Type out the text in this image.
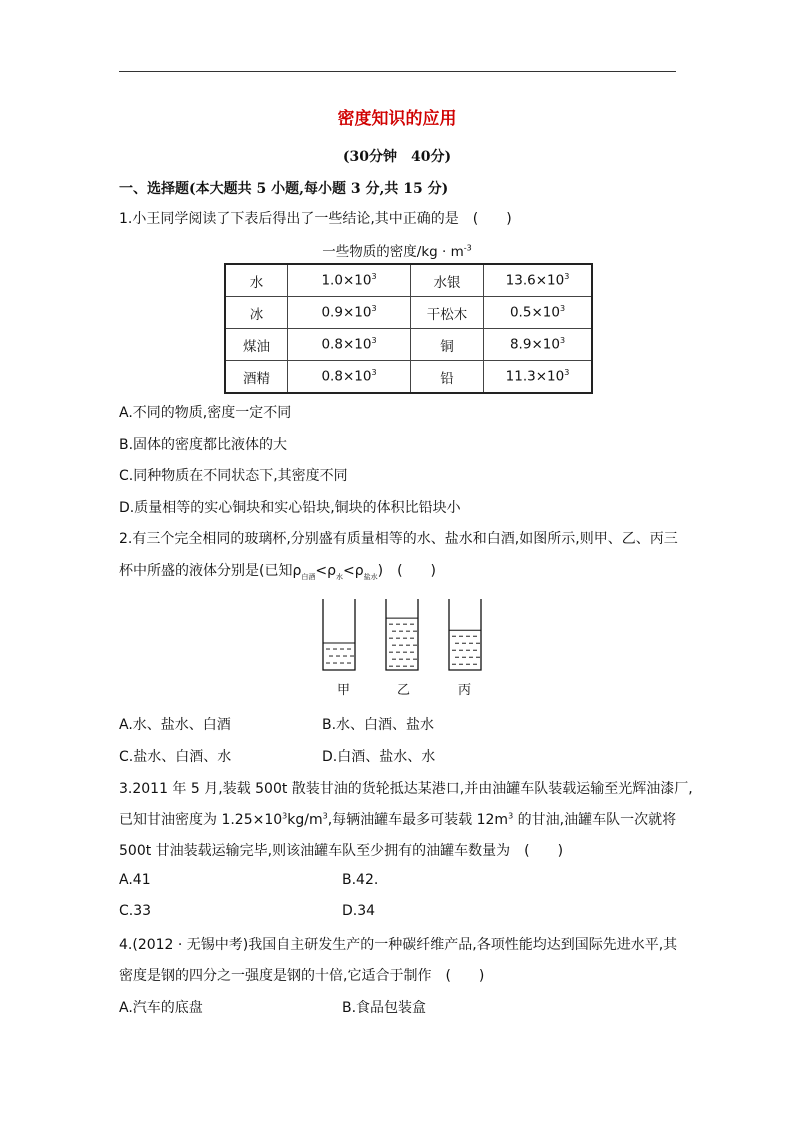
密度知识的应用
(30分钟　40分)
一、选择题(本大题共 5 小题,每小题 3 分,共 15 分)
1.小王同学阅读了下表后得出了一些结论,其中正确的是　(　　)
一些物质的密度$/kg \cdot m^{-3}$
水	$1.0\times 10^3$	水银	$13.6\times 10^3$
冰	$0.9\times 10^3$	干松木	$0.5\times 10^3$
煤油	$0.8\times 10^3$	铜	$8.9\times 10^3$
酒精	$0.8\times 10^3$	铅	$11.3\times 10^3$
A.不同的物质,密度一定不同
B.固体的密度都比液体的大
C.同种物质在不同状态下,其密度不同
D.质量相等的实心铜块和实心铅块,铜块的体积比铅块小
2.有三个完全相同的玻璃杯,分别盛有质量相等的水、盐水和白酒,如图所示,则甲、乙、丙三
杯中所盛的液体分别是(已知$\rho_{白酒}<\rho_水<\rho_{盐水}$)　(　　)
甲	乙	丙
A.水、盐水、白酒	B.水、白酒、盐水
C.盐水、白酒、水	D.白酒、盐水、水
3.2011 年 5 月,装载 500t 散装甘油的货轮抵达某港口,并由油罐车队装载运输至光辉油漆厂,
已知甘油密度为 $1.25\times 10^3kg/m^3$,每辆油罐车最多可装载 $12m^3$ 的甘油,油罐车队一次就将
500t 甘油装载运输完毕,则该油罐车队至少拥有的油罐车数量为　(　　)
A.41	B.42.
C.33	D.34
4.(2012 · 无锡中考)我国自主研发生产的一种碳纤维产品,各项性能均达到国际先进水平,其
密度是钢的四分之一强度是钢的十倍,它适合于制作　(　　)
A.汽车的底盘	B.食品包装盒
